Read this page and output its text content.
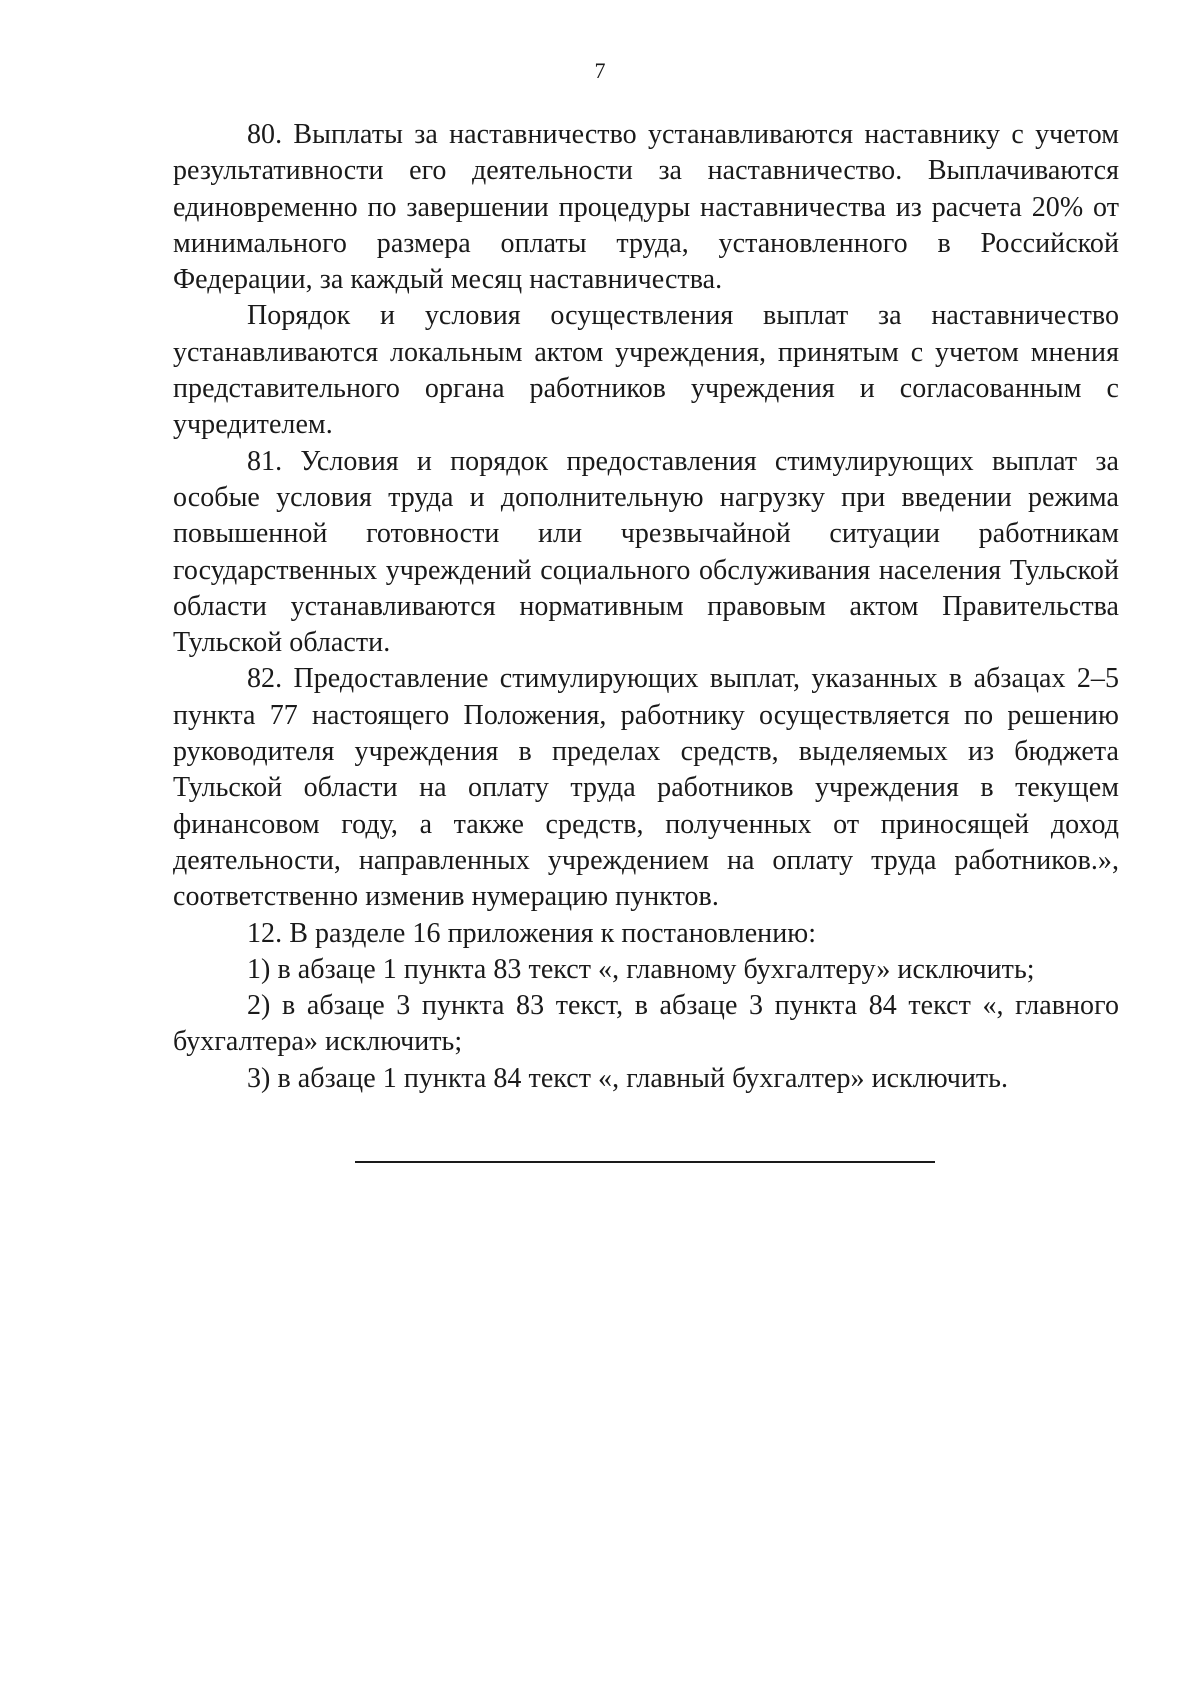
7

80. Выплаты за наставничество устанавливаются наставнику с учетом результативности его деятельности за наставничество. Выплачиваются единовременно по завершении процедуры наставничества из расчета 20% от минимального размера оплаты труда, установленного в Российской Федерации, за каждый месяц наставничества.

Порядок и условия осуществления выплат за наставничество устанавливаются локальным актом учреждения, принятым с учетом мнения представительного органа работников учреждения и согласованным с учредителем.

81. Условия и порядок предоставления стимулирующих выплат за особые условия труда и дополнительную нагрузку при введении режима повышенной готовности или чрезвычайной ситуации работникам государственных учреждений социального обслуживания населения Тульской области устанавливаются нормативным правовым актом Правительства Тульской области.

82. Предоставление стимулирующих выплат, указанных в абзацах 2–5 пункта 77 настоящего Положения, работнику осуществляется по решению руководителя учреждения в пределах средств, выделяемых из бюджета Тульской области на оплату труда работников учреждения в текущем финансовом году, а также средств, полученных от приносящей доход деятельности, направленных учреждением на оплату труда работников.», соответственно изменив нумерацию пунктов.

12. В разделе 16 приложения к постановлению:

1) в абзаце 1 пункта 83 текст «, главному бухгалтеру» исключить;

2) в абзаце 3 пункта 83 текст, в абзаце 3 пункта 84 текст «, главного бухгалтера» исключить;

3) в абзаце 1 пункта 84 текст «, главный бухгалтер» исключить.
